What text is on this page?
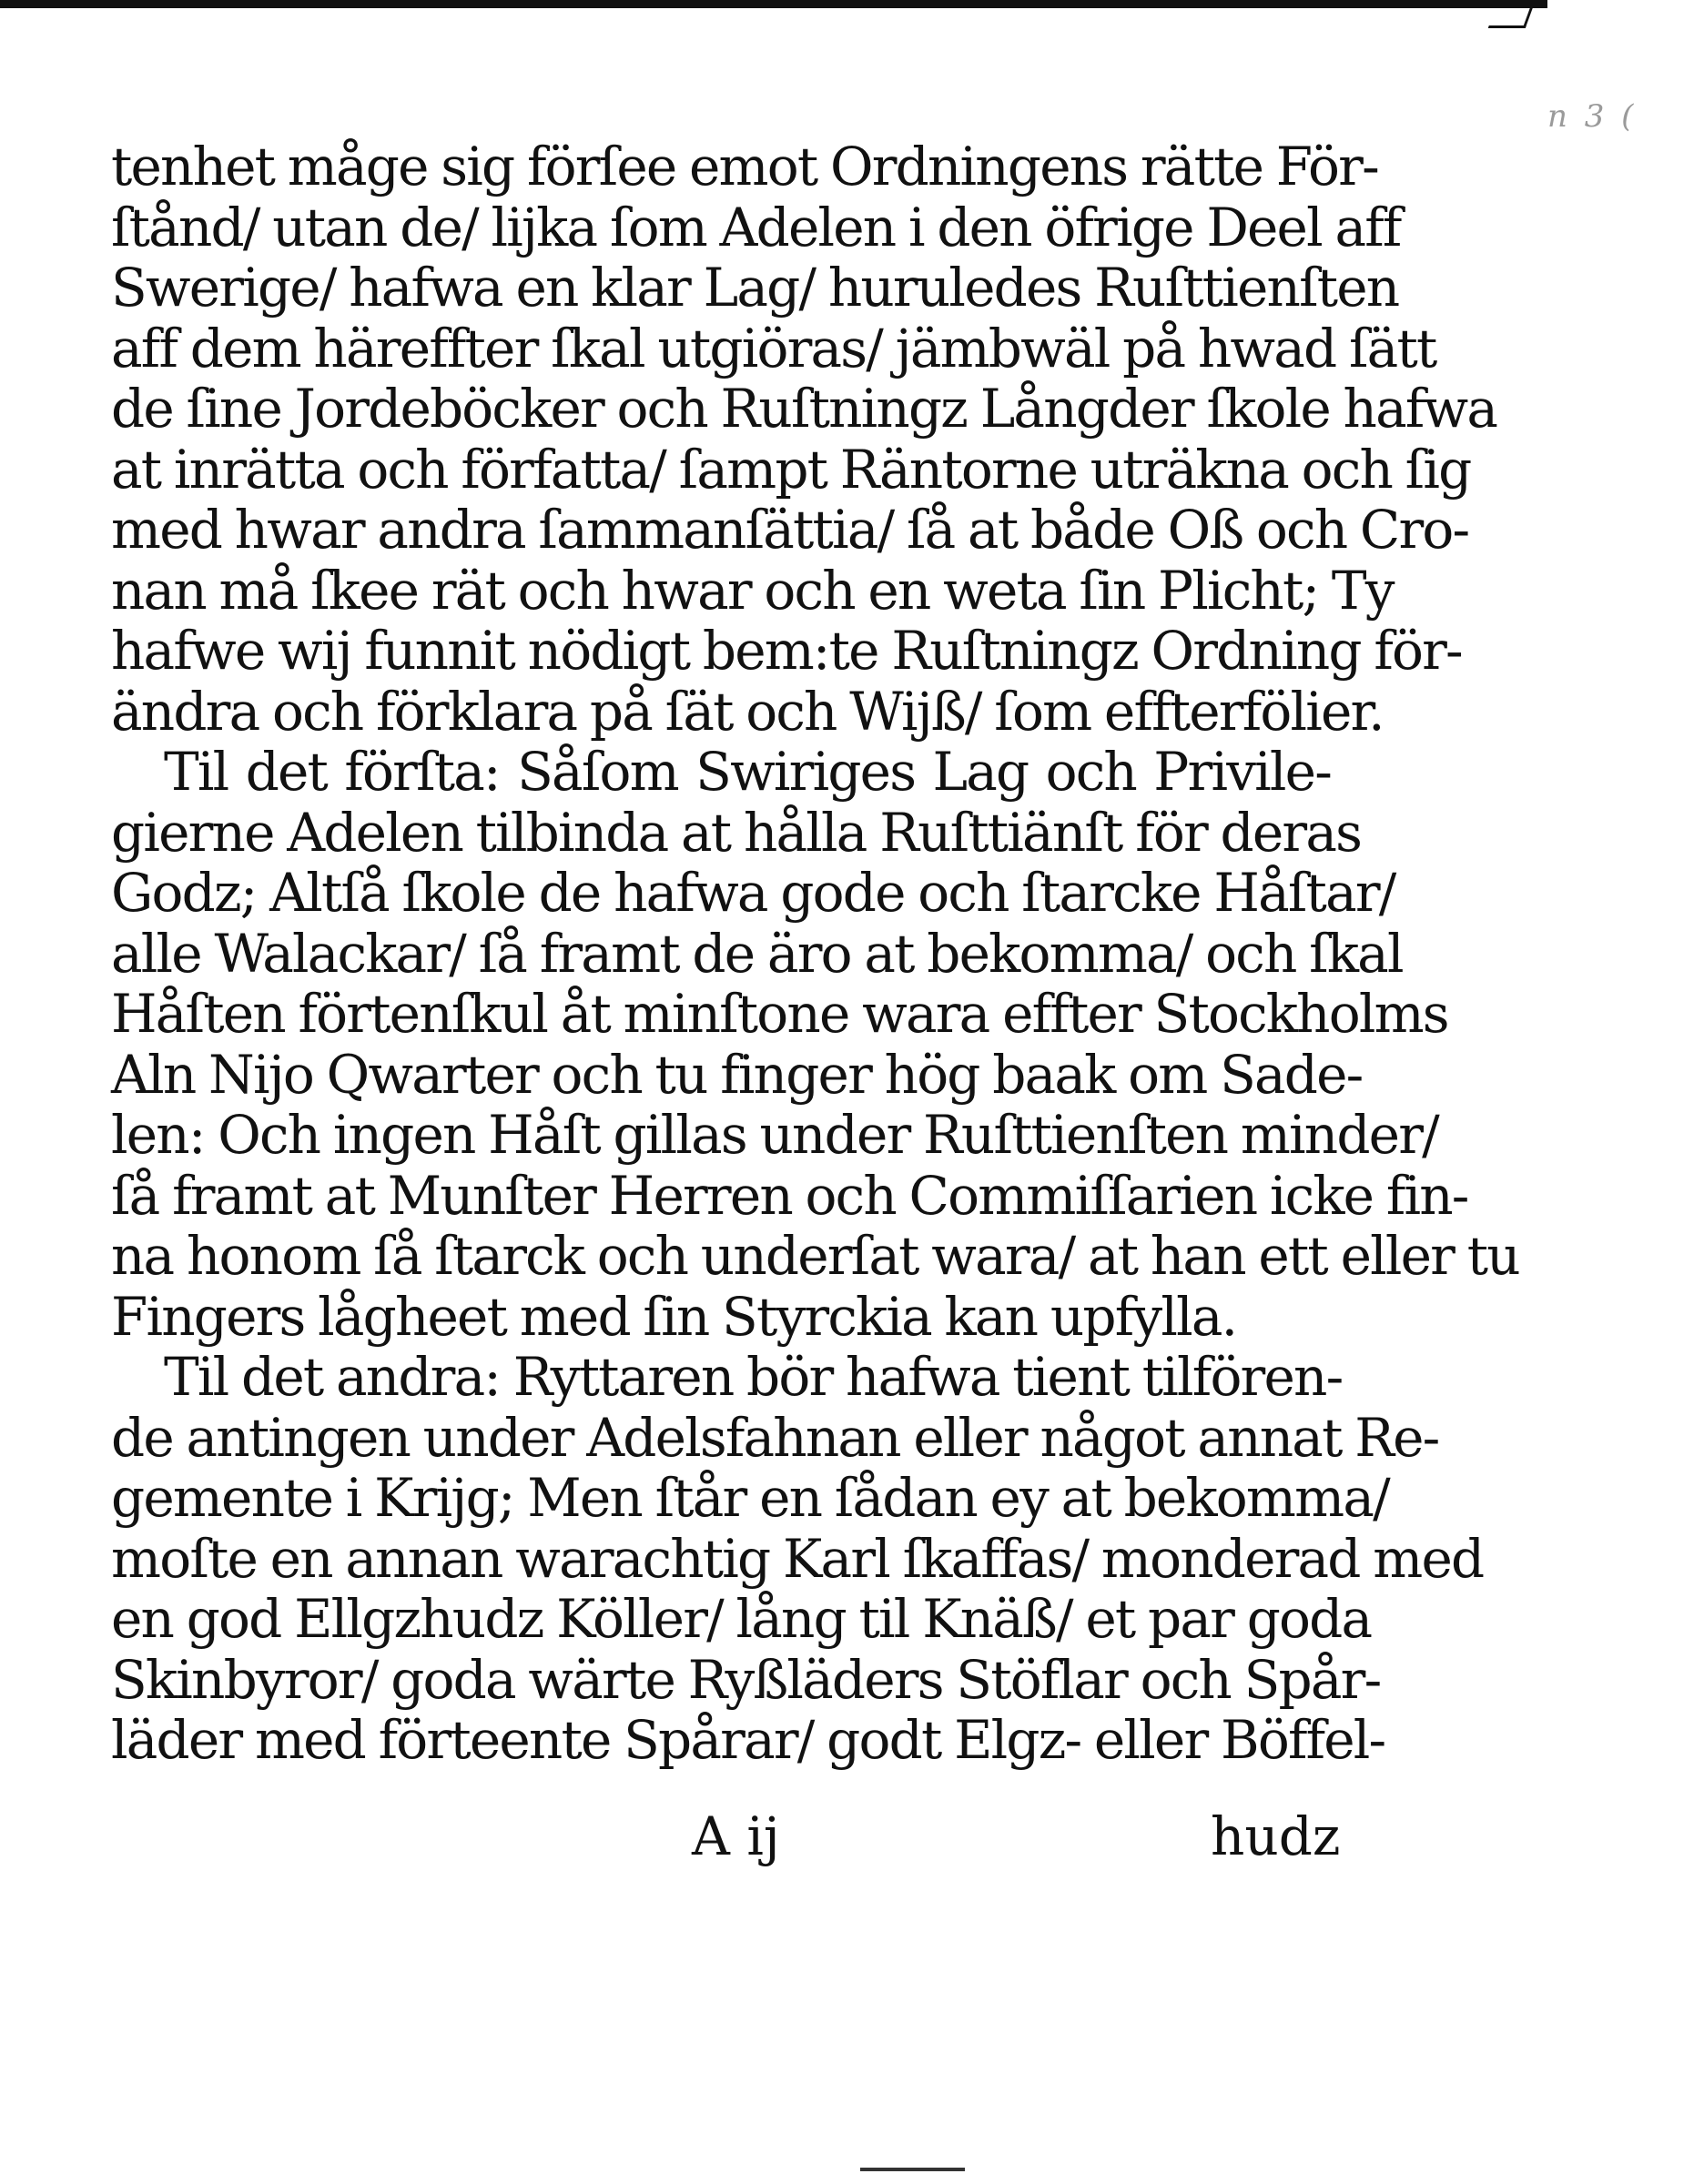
n 3 (
tenhet måge sig förſee emot Ordningens rätte För-
ſtånd/ utan de/ lijka ſom Adelen i den öfrige Deel aff
Swerige/ hafwa en klar Lag/ huruledes Ruſttienſten
aff dem häreffter ſkal utgiöras/ jämbwäl på hwad ſätt
de ſine Jordeböcker och Ruſtningz Långder ſkole hafwa
at inrätta och författa/ ſampt Räntorne uträkna och ſig
med hwar andra ſammanſättia/ ſå at både Oß och Cro-
nan må ſkee rät och hwar och en weta ſin Plicht; Ty
hafwe wij funnit nödigt bem:te Ruſtningz Ordning för-
ändra och förklara på ſät och Wijß/ ſom effterfölier.
Til det förſta: Såſom Swiriges Lag och Privile-
gierne Adelen tilbinda at hålla Ruſttiänſt för deras
Godz; Altſå ſkole de hafwa gode och ſtarcke Håſtar/
alle Walackar/ ſå framt de äro at bekomma/ och ſkal
Håſten förtenſkul åt minſtone wara effter Stockholms
Aln Nijo Qwarter och tu finger hög baak om Sade-
len: Och ingen Håſt gillas under Ruſttienſten minder/
ſå framt at Munſter Herren och Commiſſarien icke fin-
na honom ſå ſtarck och underſat wara/ at han ett eller tu
Fingers lågheet med ſin Styrckia kan upfylla.
Til det andra: Ryttaren bör hafwa tient tilfören-
de antingen under Adelsfahnan eller något annat Re-
gemente i Krijg; Men ſtår en ſådan ey at bekomma/
moſte en annan warachtig Karl ſkaffas/ monderad med
en god Ellgzhudz Köller/ lång til Knäß/ et par goda
Skinbyror/ goda wärte Ryßläders Stöflar och Spår-
läder med förteente Spårar/ godt Elgz- eller Böffel-
A ij	hudz
